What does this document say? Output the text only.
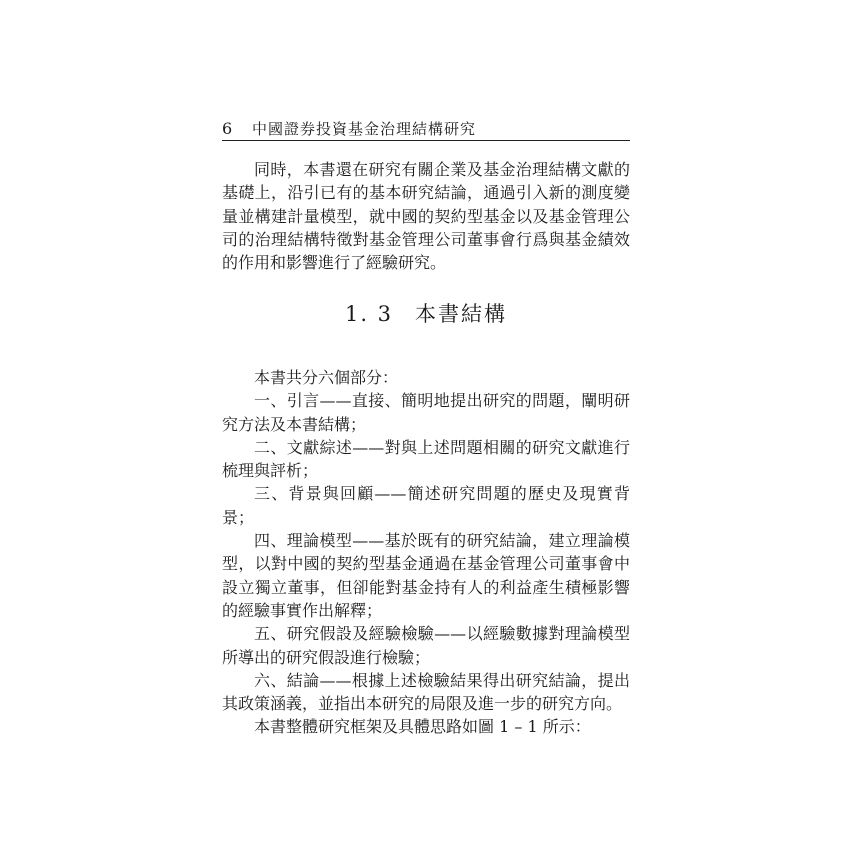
6	中國證券投資基金治理結構研究

同時，本書還在研究有關企業及基金治理結構文獻的基礎上，沿引已有的基本研究結論，通過引入新的測度變量並構建計量模型，就中國的契約型基金以及基金管理公司的治理結構特徵對基金管理公司董事會行爲與基金績效的作用和影響進行了經驗研究。

1. 3 本書結構

本書共分六個部分：

一、引言——直接、簡明地提出研究的問題，闡明研究方法及本書結構；

二、文獻綜述——對與上述問題相關的研究文獻進行梳理與評析；

三、背景與回顧——簡述研究問題的歷史及現實背景；

四、理論模型——基於既有的研究結論，建立理論模型，以對中國的契約型基金通過在基金管理公司董事會中設立獨立董事，但卻能對基金持有人的利益產生積極影響的經驗事實作出解釋；

五、研究假設及經驗檢驗——以經驗數據對理論模型所導出的研究假設進行檢驗；

六、結論——根據上述檢驗結果得出研究結論，提出其政策涵義，並指出本研究的局限及進一步的研究方向。

本書整體研究框架及具體思路如圖 1 – 1 所示：
